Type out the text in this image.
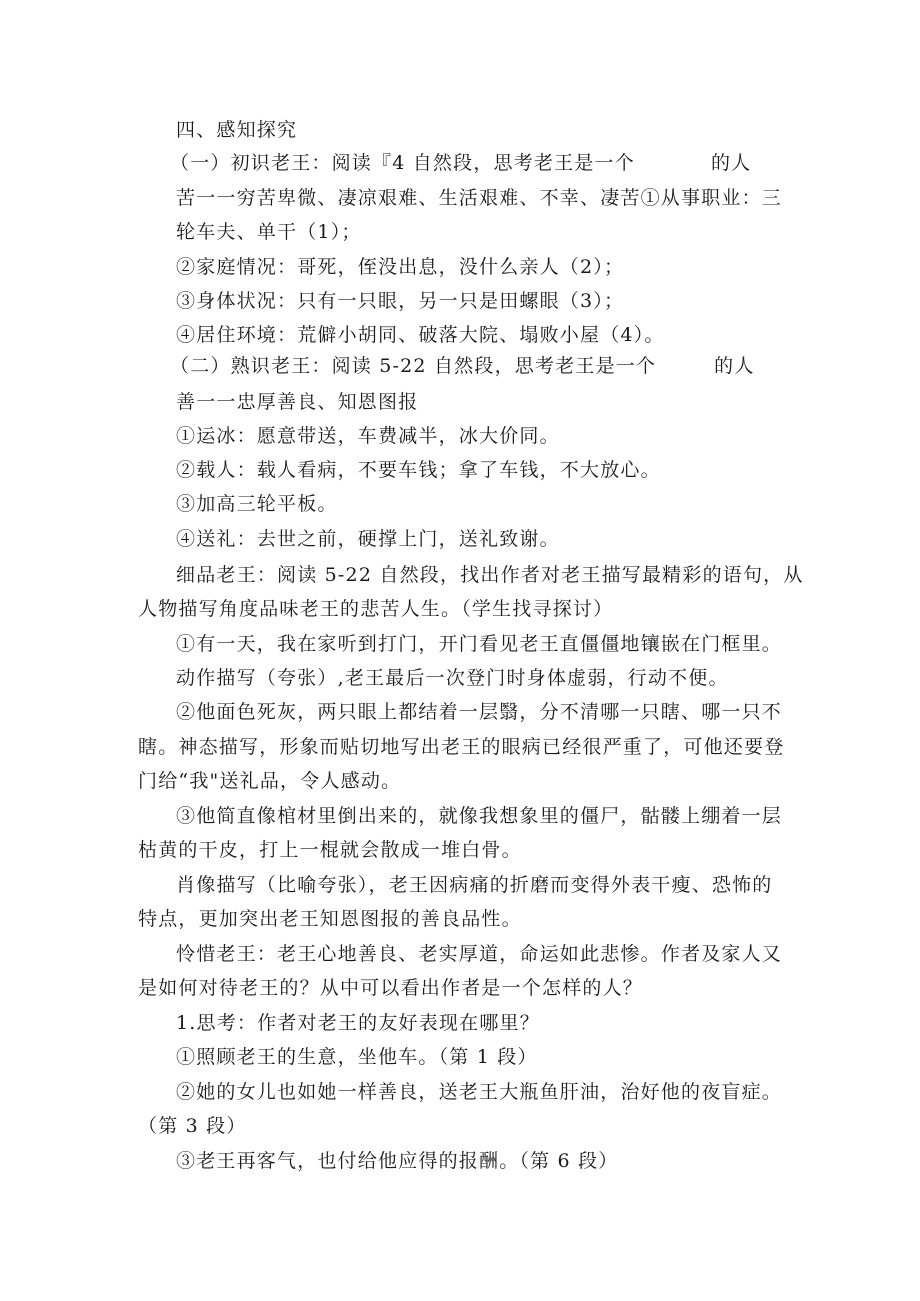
四、感知探究
（一）初识老王：阅读『4 自然段，思考老王是一个	的人
苦一一穷苦卑微、凄凉艰难、生活艰难、不幸、凄苦①从事职业：三
轮车夫、单干（1）；
②家庭情况：哥死，侄没出息，没什么亲人（2）；
③身体状况：只有一只眼，另一只是田螺眼（3）；
④居住环境：荒僻小胡同、破落大院、塌败小屋（4）。
（二）熟识老王：阅读 5-22 自然段，思考老王是一个	的人
善一一忠厚善良、知恩图报
①运冰：愿意带送，车费减半，冰大价同。
②载人：载人看病，不要车钱；拿了车钱，不大放心。
③加高三轮平板。
④送礼：去世之前，硬撑上门，送礼致谢。
细品老王：阅读 5-22 自然段，找出作者对老王描写最精彩的语句，从
人物描写角度品味老王的悲苦人生。（学生找寻探讨）
①有一天，我在家听到打门，开门看见老王直僵僵地镶嵌在门框里。
动作描写（夸张）,老王最后一次登门时身体虚弱，行动不便。
②他面色死灰，两只眼上都结着一层翳，分不清哪一只瞎、哪一只不
瞎。神态描写，形象而贴切地写出老王的眼病已经很严重了，可他还要登
门给“我"送礼品，令人感动。
③他简直像棺材里倒出来的，就像我想象里的僵尸，骷髅上绷着一层
枯黄的干皮，打上一棍就会散成一堆白骨。
肖像描写（比喻夸张），老王因病痛的折磨而变得外表干瘦、恐怖的
特点，更加突出老王知恩图报的善良品性。
怜惜老王：老王心地善良、老实厚道，命运如此悲惨。作者及家人又
是如何对待老王的？从中可以看出作者是一个怎样的人？
1.思考：作者对老王的友好表现在哪里？
①照顾老王的生意，坐他车。（第 1 段）
②她的女儿也如她一样善良，送老王大瓶鱼肝油，治好他的夜盲症。
（第 3 段）
③老王再客气，也付给他应得的报酬。（第 6 段）
